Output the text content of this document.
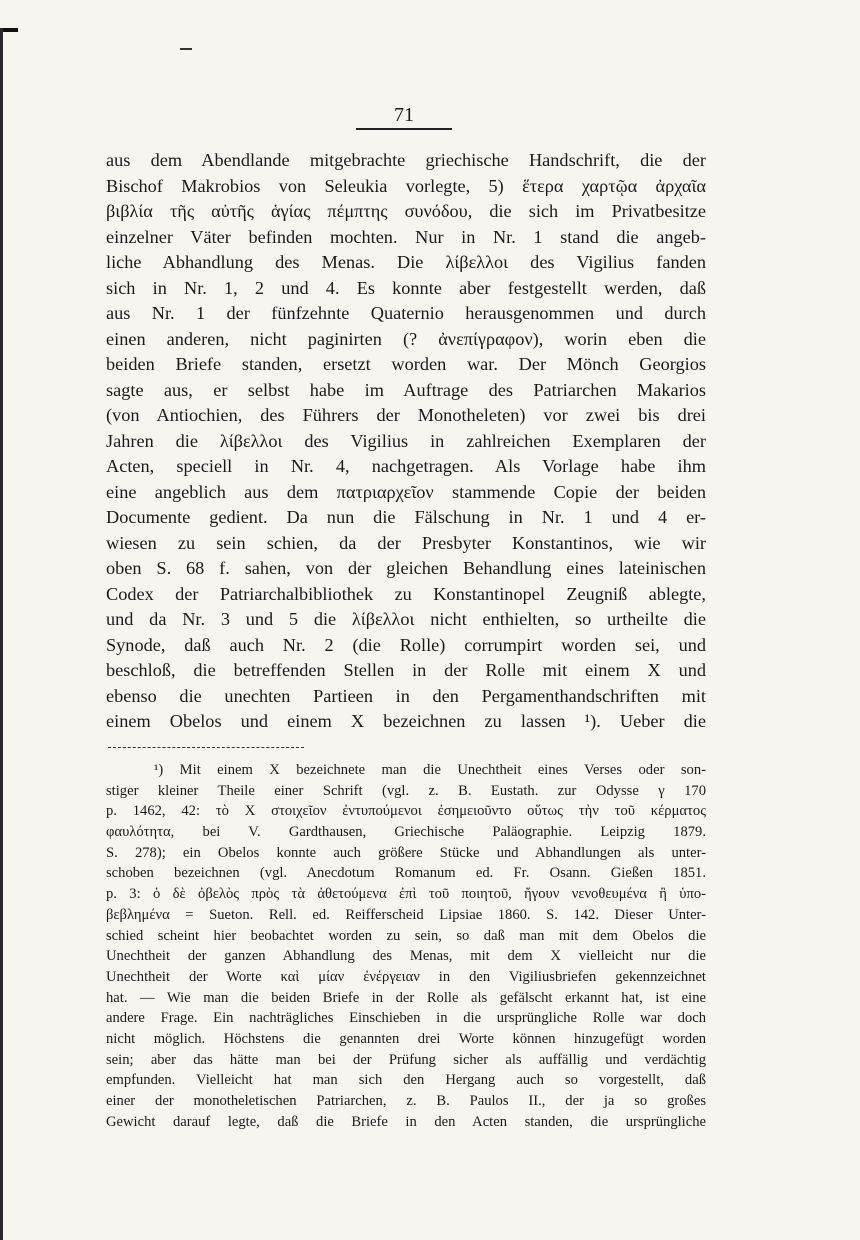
71
aus dem Abendlande mitgebrachte griechische Handschrift, die der
Bischof Makrobios von Seleukia vorlegte, 5) ἕτερα χαρτῷα ἀρχαῖα
βιβλία τῆς αὐτῆς ἁγίας πέμπτης συνόδου, die sich im Privatbesitze
einzelner Väter befinden mochten. Nur in Nr. 1 stand die angeb-
liche Abhandlung des Menas. Die λίβελλοι des Vigilius fanden
sich in Nr. 1, 2 und 4. Es konnte aber festgestellt werden, daß
aus Nr. 1 der fünfzehnte Quaternio herausgenommen und durch
einen anderen, nicht paginirten (? ἀνεπίγραφον), worin eben die
beiden Briefe standen, ersetzt worden war. Der Mönch Georgios
sagte aus, er selbst habe im Auftrage des Patriarchen Makarios
(von Antiochien, des Führers der Monotheleten) vor zwei bis drei
Jahren die λίβελλοι des Vigilius in zahlreichen Exemplaren der
Acten, speciell in Nr. 4, nachgetragen. Als Vorlage habe ihm
eine angeblich aus dem πατριαρχεῖον stammende Copie der beiden
Documente gedient. Da nun die Fälschung in Nr. 1 und 4 er-
wiesen zu sein schien, da der Presbyter Konstantinos, wie wir
oben S. 68 f. sahen, von der gleichen Behandlung eines lateinischen
Codex der Patriarchalbibliothek zu Konstantinopel Zeugniß ablegte,
und da Nr. 3 und 5 die λίβελλοι nicht enthielten, so urtheilte die
Synode, daß auch Nr. 2 (die Rolle) corrumpirt worden sei, und
beschloß, die betreffenden Stellen in der Rolle mit einem X und
ebenso die unechten Partieen in den Pergamenthandschriften mit
einem Obelos und einem X bezeichnen zu lassen ¹). Ueber die
¹) Mit einem X bezeichnete man die Unechtheit eines Verses oder son-
stiger kleiner Theile einer Schrift (vgl. z. B. Eustath. zur Odysse γ 170
p. 1462, 42: τὸ X στοιχεῖον ἐντυπούμενοι ἐσημειοῦντο οὕτως τὴν τοῦ κέρματος
φαυλότητα, bei V. Gardthausen, Griechische Paläographie. Leipzig 1879.
S. 278); ein Obelos konnte auch größere Stücke und Abhandlungen als unter-
schoben bezeichnen (vgl. Anecdotum Romanum ed. Fr. Osann. Gießen 1851.
p. 3: ὁ δὲ ὀβελὸς πρὸς τὰ ἀθετούμενα ἐπὶ τοῦ ποιητοῦ, ἤγουν νενοθευμένα ἢ ὑπο-
βεβλημένα = Sueton. Rell. ed. Reifferscheid Lipsiae 1860. S. 142. Dieser Unter-
schied scheint hier beobachtet worden zu sein, so daß man mit dem Obelos die
Unechtheit der ganzen Abhandlung des Menas, mit dem X vielleicht nur die
Unechtheit der Worte καὶ μίαν ἐνέργειαν in den Vigiliusbriefen gekennzeichnet
hat. — Wie man die beiden Briefe in der Rolle als gefälscht erkannt hat, ist eine
andere Frage. Ein nachträgliches Einschieben in die ursprüngliche Rolle war doch
nicht möglich. Höchstens die genannten drei Worte können hinzugefügt worden
sein; aber das hätte man bei der Prüfung sicher als auffällig und verdächtig
empfunden. Vielleicht hat man sich den Hergang auch so vorgestellt, daß
einer der monotheletischen Patriarchen, z. B. Paulos II., der ja so großes
Gewicht darauf legte, daß die Briefe in den Acten standen, die ursprüngliche
